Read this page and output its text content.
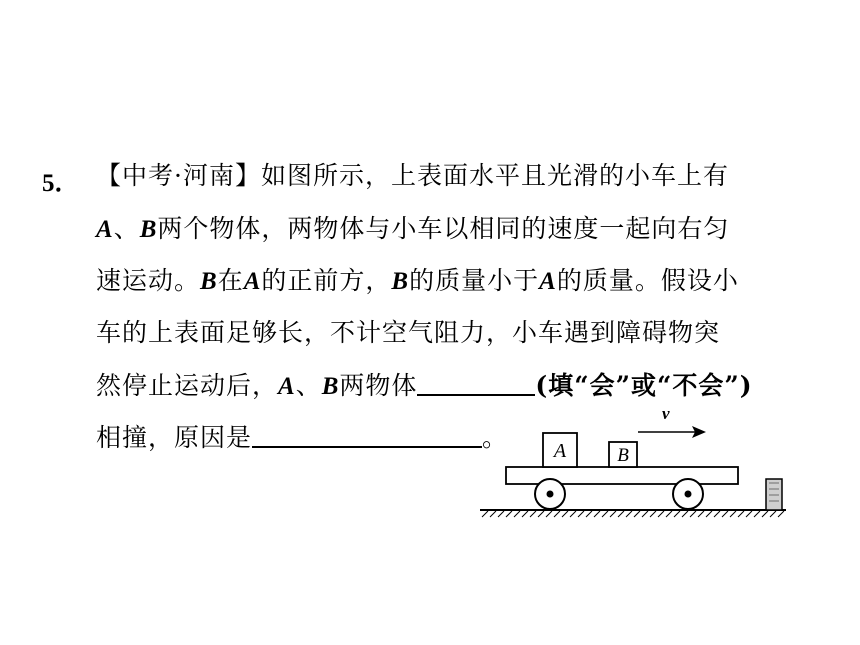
5． 【中考·河南】如图所示，上表面水平且光滑的小车上有
A、B两个物体，两物体与小车以相同的速度一起向右匀
速运动。B在A的正前方，B的质量小于A的质量。假设小
车的上表面足够长，不计空气阻力，小车遇到障碍物突
然停止运动后，A、B两物体	(填“会”或“不会”)
相撞，原因是	。 A	B
v
